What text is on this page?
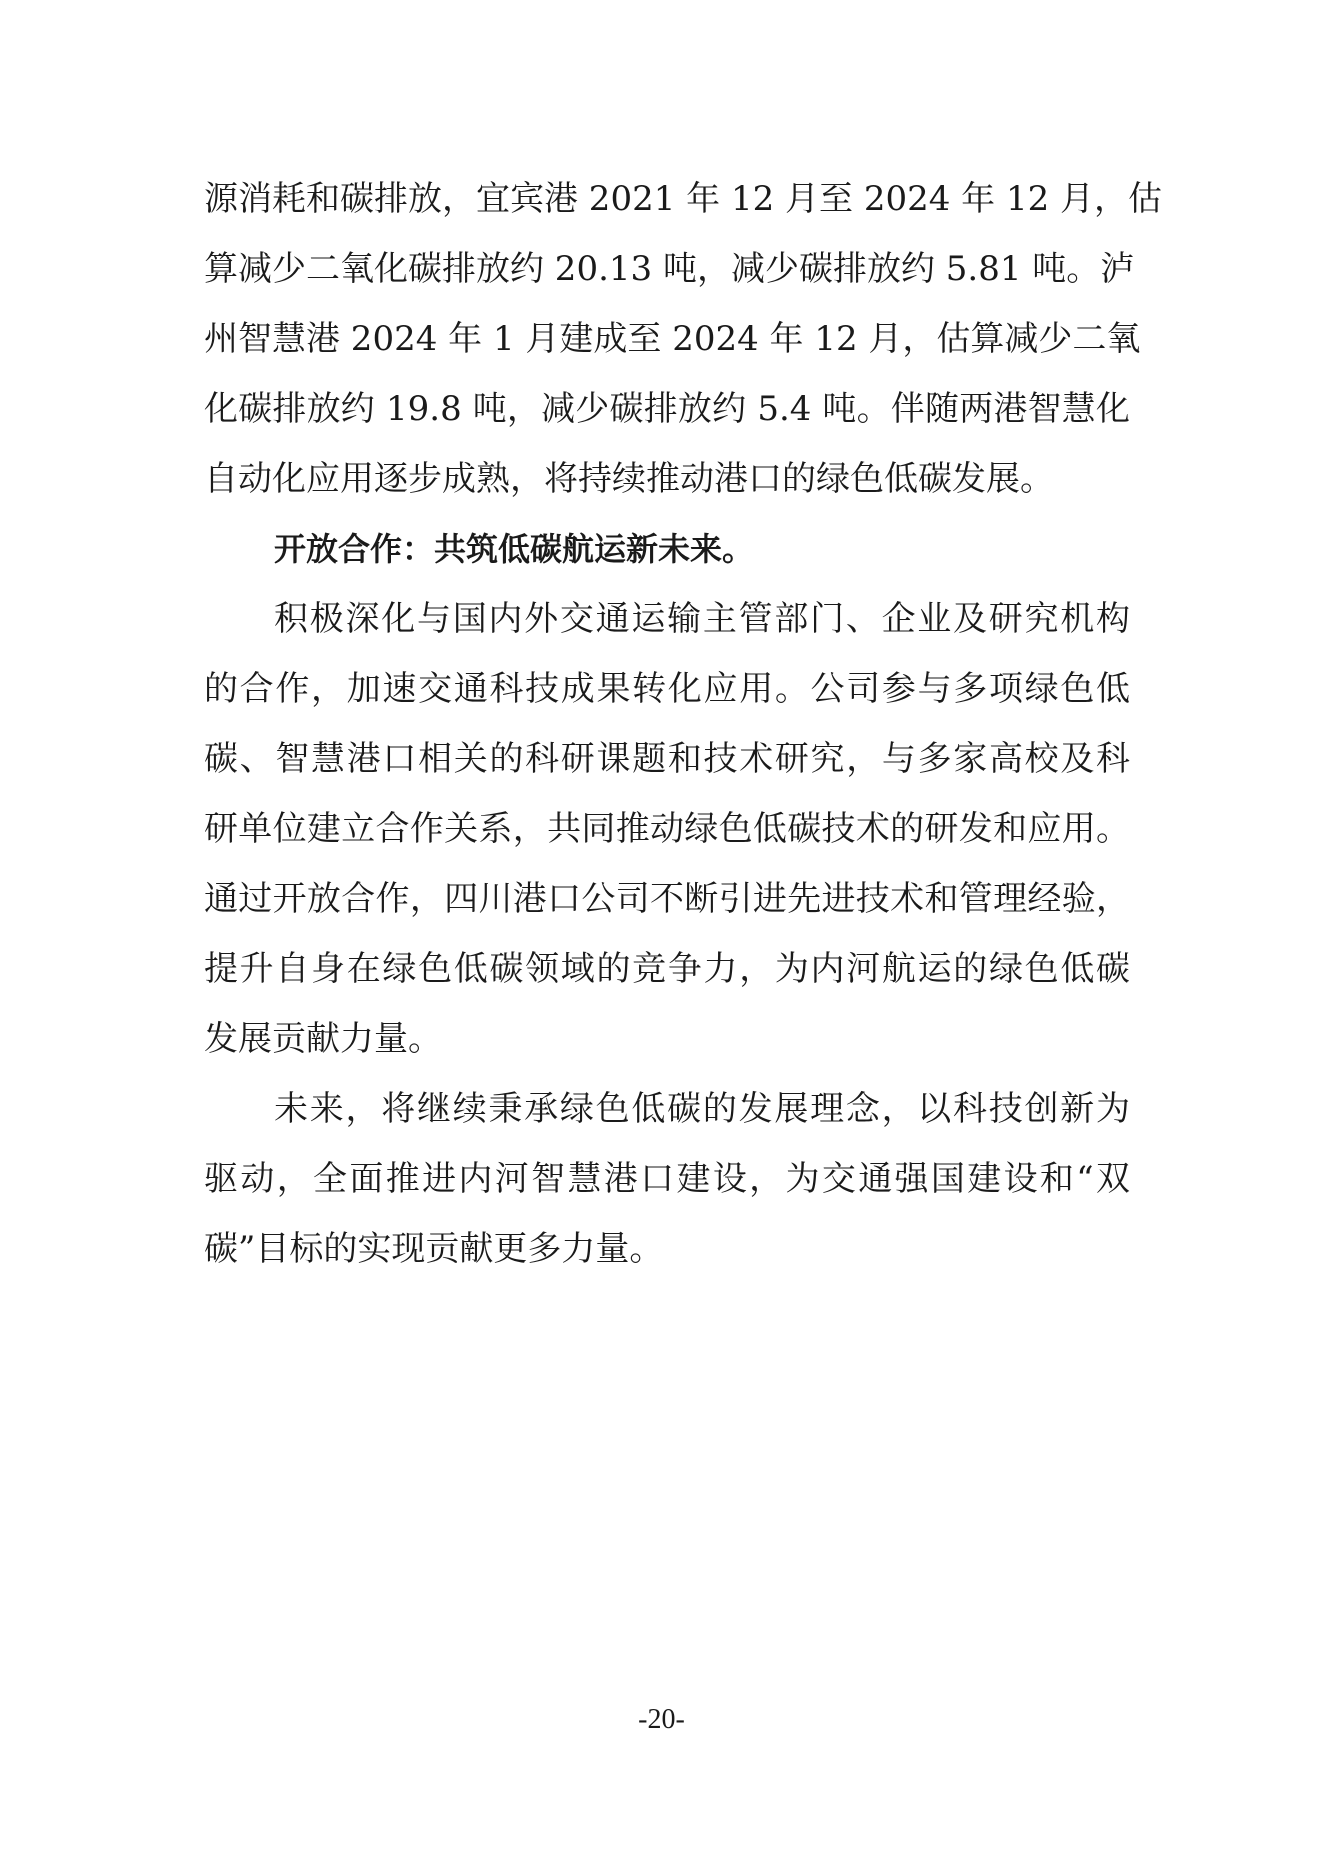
源消耗和碳排放，宜宾港 2021 年 12 月至 2024 年 12 月，估
算减少二氧化碳排放约 20.13 吨，减少碳排放约 5.81 吨。泸
州智慧港 2024 年 1 月建成至 2024 年 12 月，估算减少二氧
化碳排放约 19.8 吨，减少碳排放约 5.4 吨。伴随两港智慧化
自动化应用逐步成熟，将持续推动港口的绿色低碳发展。
开放合作：共筑低碳航运新未来。
积极深化与国内外交通运输主管部门、企业及研究机构
的合作，加速交通科技成果转化应用。公司参与多项绿色低
碳、智慧港口相关的科研课题和技术研究，与多家高校及科
研单位建立合作关系，共同推动绿色低碳技术的研发和应用。
通过开放合作，四川港口公司不断引进先进技术和管理经验，
提升自身在绿色低碳领域的竞争力，为内河航运的绿色低碳
发展贡献力量。
未来，将继续秉承绿色低碳的发展理念，以科技创新为
驱动，全面推进内河智慧港口建设，为交通强国建设和“双
碳”目标的实现贡献更多力量。
-20-
